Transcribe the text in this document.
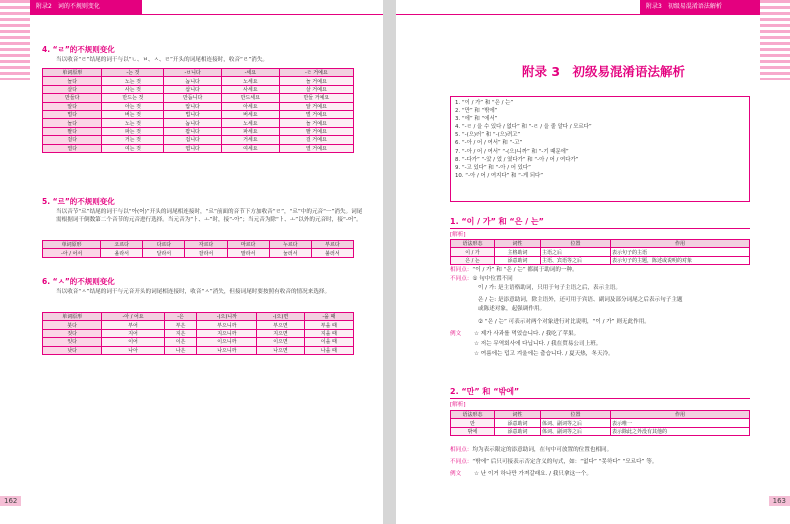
附录2　词的不规则变化
4. “ㄹ”的不规则变化
当以收音“ㄹ”结尾的词干与以“ㄴ、ㅂ、ㅅ、ㄹ”开头的词尾相连接时，收音“ㄹ”消失。
单词原形	-는 것	-ㅂ니다	-세요	-ㄹ 거예요
놀다	노는 것	놉니다	노세요	놀 거예요
살다	사는 것	삽니다	사세요	살 거예요
만들다	만드는 것	만듭니다	만드세요	만들 거예요
알다	아는 것	압니다	아세요	알 거예요
벌다	버는 것	법니다	버세요	벌 거예요
놀다	노는 것	놉니다	노세요	놀 거예요
팔다	파는 것	팝니다	파세요	팔 거예요
걸다	거는 것	겁니다	거세요	걸 거예요
열다	여는 것	엽니다	여세요	열 거예요
5. “르”的不规则变化
当以音节“르”结尾的词干与以“아(어)”开头的词尾相连接时，“르”前面的音节下方加收音“ㄹ”，“르”中的元音“ㅡ”消失。词尾需根据词干倒数第二个音节的元音进行选择。当元音为“ㅏ、ㅗ”时，接“-아”；当元音为除“ㅏ、ㅗ”以外的元音时，接“-어”。
单词原形	오르다	다르다	자르다	마르다	누르다	부르다
-아 / 어서	올라서	달라서	잘라서	말라서	눌러서	불러서
6. “ㅅ”的不规则变化
当以收音“ㅅ”结尾的词干与元音开头的词尾相连接时，收音“ㅅ”消失，但接词尾时要按照有收音的情况来选择。
单词原形	-아 / 어요	-은	-(으)니까	-(으)면	-을 때
붓다	부어	부은	부으니까	부으면	부을 때
짓다	지어	지은	지으니까	지으면	지을 때
잇다	이어	이은	이으니까	이으면	이을 때
낫다	나아	나은	나으니까	나으면	나을 때
162
附录3　初级易混淆语法解析
附录 3　初级易混淆语法解析
1. “이 / 가” 和 “은 / 는”
2. “만” 和 “밖에”
3. “에” 和 “에서”
4. “-ㄹ / 을 수 있다 / 없다” 和 “-ㄹ / 을 줄 알다 / 모르다”
5. “-(으)러” 和 “-(으)려고”
6. “-아 / 어 / 여서” 和 “-고”
7. “-아 / 어 / 여서” “-(으)니까” 和 “-기 때문에”
8. “-다가” “-았 / 었 / 였다가” 和 “-아 / 어 / 여다가”
9. “-고 있다” 和 “-아 / 어 있다”
10. “-아 / 어 / 여지다” 和 “-게 되다”
1. “이 / 가” 和 “은 / 는”
[解析]
语法形态	词性	位置	作用
이 / 가	主格助词	主语之后	表示句子的主语
은 / 는	添意助词	主语、宾语等之后	表示句子的主题，陈述或说明的对象
相同点：“이 / 가” 和 “은 / 는” 都属于助词的一种。
不同点：① 句中位置不同
이 / 가: 是主语格助词，只用于句子主语之后，表示主语。
은 / 는: 是添意助词，除主语外，还可用于宾语、副词及部分词尾之后表示句子主题
或陈述对象，起强调作用。
② “은 / 는” 可表示对两个对象进行对比说明，“이 / 가” 则无此作用。
例文 ☆ 제가 사과를 먹었습니다. / 我吃了苹果。
☆ 저는 무역회사에 다닙니다. / 我在贸易公司上班。
☆ 여름에는 덥고 겨울에는 춥습니다. / 夏天热，冬天冷。
2. “만” 和 “밖에”
[解析]
语法形态	词性	位置	作用
만	添意助词	体词、副词等之后	表示唯一
밖에	添意助词	体词、副词等之后	表示除此之外没有其他的
相同点：均为表示限定的添意助词，在句中可放置的位置也相同。
不同点：“밖에” 后只可接表示否定含义的句式，如：“없다” “못하다” “모르다” 等。
例文 ☆ 난 이거 하나만 가져갈래요. / 我只拿这一个。
163
